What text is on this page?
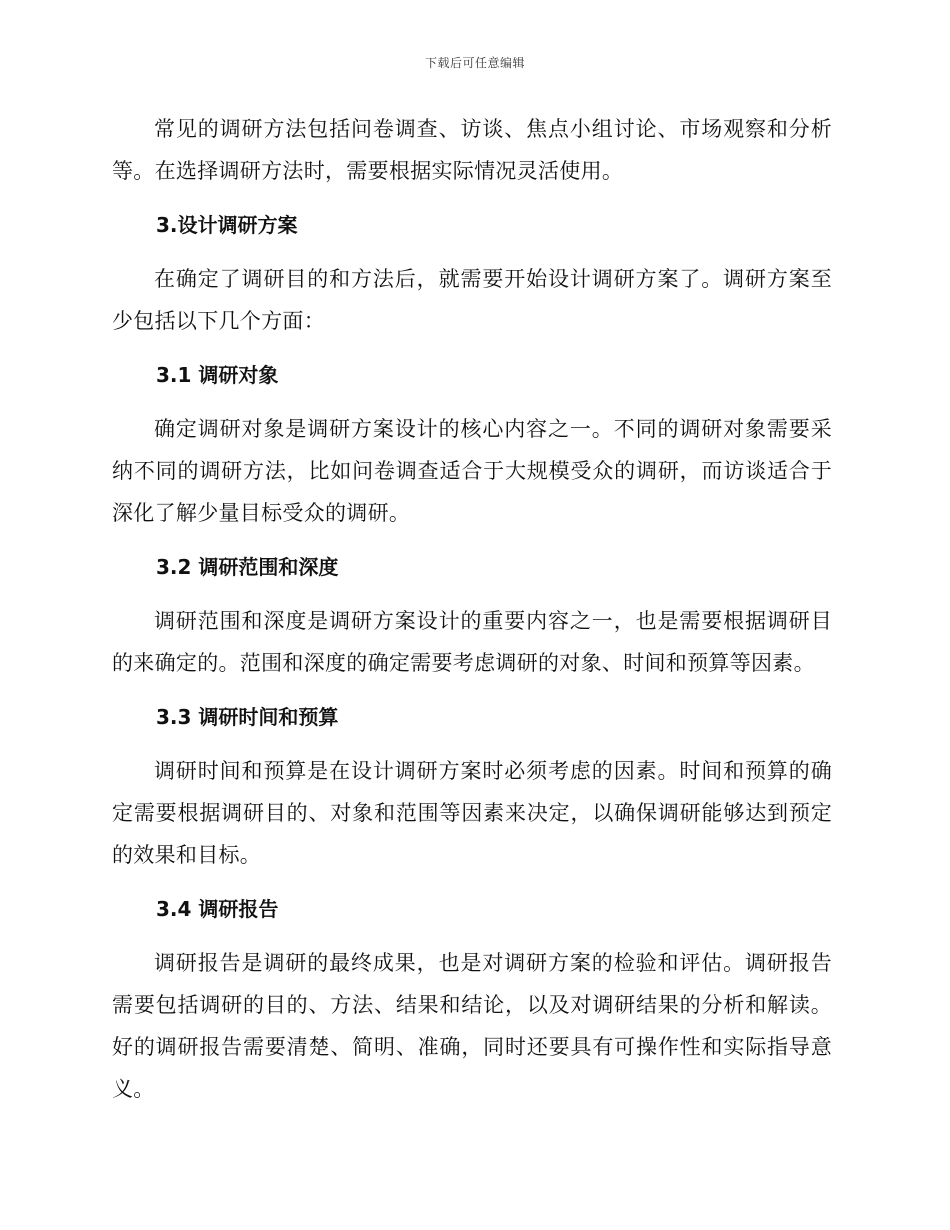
下载后可任意编辑

常见的调研方法包括问卷调查、访谈、焦点小组讨论、市场观察和分析等。在选择调研方法时，需要根据实际情况灵活使用。

3.设计调研方案

在确定了调研目的和方法后，就需要开始设计调研方案了。调研方案至少包括以下几个方面：

3.1 调研对象

确定调研对象是调研方案设计的核心内容之一。不同的调研对象需要采纳不同的调研方法，比如问卷调查适合于大规模受众的调研，而访谈适合于深化了解少量目标受众的调研。

3.2 调研范围和深度

调研范围和深度是调研方案设计的重要内容之一，也是需要根据调研目的来确定的。范围和深度的确定需要考虑调研的对象、时间和预算等因素。

3.3 调研时间和预算

调研时间和预算是在设计调研方案时必须考虑的因素。时间和预算的确定需要根据调研目的、对象和范围等因素来决定，以确保调研能够达到预定的效果和目标。

3.4 调研报告

调研报告是调研的最终成果，也是对调研方案的检验和评估。调研报告需要包括调研的目的、方法、结果和结论，以及对调研结果的分析和解读。好的调研报告需要清楚、简明、准确，同时还要具有可操作性和实际指导意义。
